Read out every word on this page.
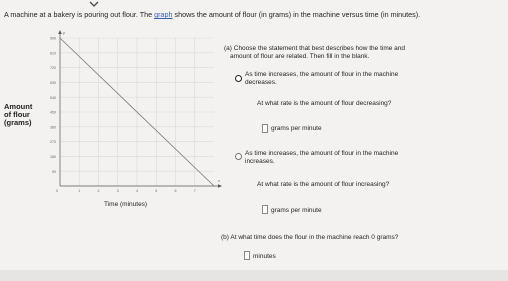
A machine at a bakery is pouring out flour. The graph shows the amount of flour (in grams) in the machine versus time (in minutes).
Amount
of flour
(grams)
900
810
720
630
540
450
360
270
180
90
1	2	3	4	5	6	7
y
x
0
Time (minutes)
(a) Choose the statement that best describes how the time and
amount of flour are related. Then fill in the blank.
As time increases, the amount of flour in the machine
decreases.
At what rate is the amount of flour decreasing?
grams per minute
As time increases, the amount of flour in the machine
increases.
At what rate is the amount of flour increasing?
grams per minute
(b) At what time does the flour in the machine reach 0 grams?
minutes
